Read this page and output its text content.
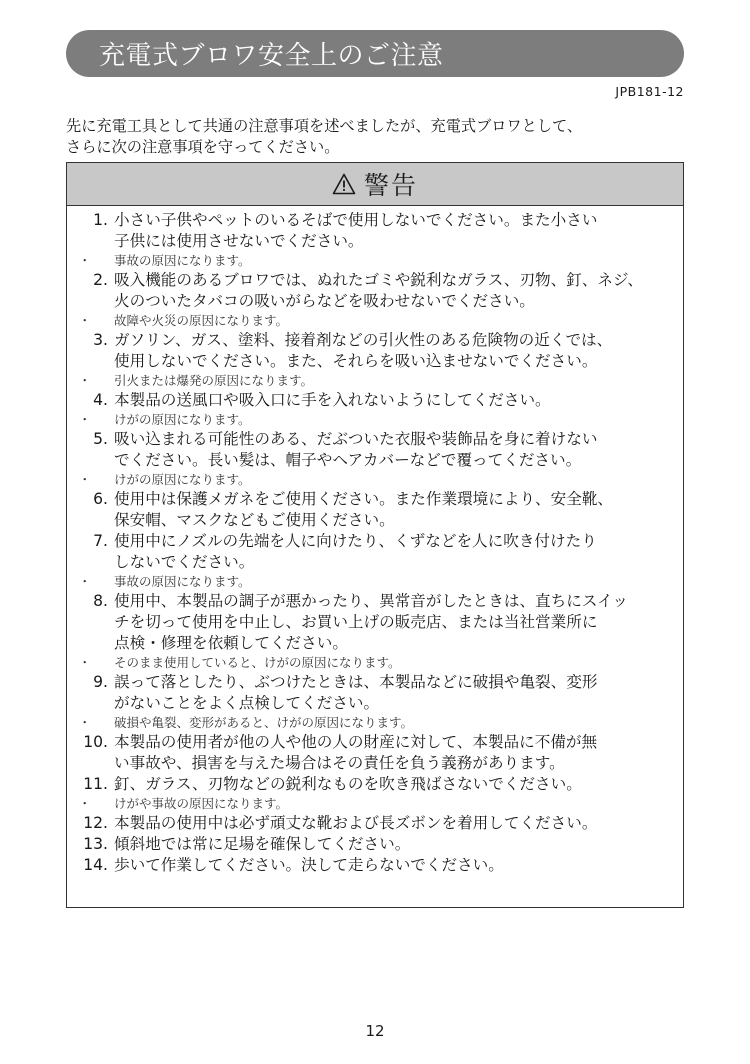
充電式ブロワ安全上のご注意
JPB181-12
先に充電工具として共通の注意事項を述べましたが、充電式ブロワとして、
さらに次の注意事項を守ってください。
警告
1. 小さい子供やペットのいるそばで使用しないでください。また小さい
子供には使用させないでください。
・	事故の原因になります。
2. 吸入機能のあるブロワでは、ぬれたゴミや鋭利なガラス、刃物、釘、ネジ、
火のついたタバコの吸いがらなどを吸わせないでください。
・	故障や火災の原因になります。
3. ガソリン、ガス、塗料、接着剤などの引火性のある危険物の近くでは、
使用しないでください。また、それらを吸い込ませないでください。
・	引火または爆発の原因になります。
4. 本製品の送風口や吸入口に手を入れないようにしてください。
・	けがの原因になります。
5. 吸い込まれる可能性のある、だぶついた衣服や装飾品を身に着けない
でください。長い髪は、帽子やヘアカバーなどで覆ってください。
・	けがの原因になります。
6. 使用中は保護メガネをご使用ください。また作業環境により、安全靴、
保安帽、マスクなどもご使用ください。
7. 使用中にノズルの先端を人に向けたり、くずなどを人に吹き付けたり
しないでください。
・	事故の原因になります。
8. 使用中、本製品の調子が悪かったり、異常音がしたときは、直ちにスイッ
チを切って使用を中止し、お買い上げの販売店、または当社営業所に
点検・修理を依頼してください。
・	そのまま使用していると、けがの原因になります。
9. 誤って落としたり、ぶつけたときは、本製品などに破損や亀裂、変形
がないことをよく点検してください。
・	破損や亀裂、変形があると、けがの原因になります。
10. 本製品の使用者が他の人や他の人の財産に対して、本製品に不備が無
い事故や、損害を与えた場合はその責任を負う義務があります。
11. 釘、ガラス、刃物などの鋭利なものを吹き飛ばさないでください。
・	けがや事故の原因になります。
12. 本製品の使用中は必ず頑丈な靴および長ズボンを着用してください。
13. 傾斜地では常に足場を確保してください。
14. 歩いて作業してください。決して走らないでください。
12
